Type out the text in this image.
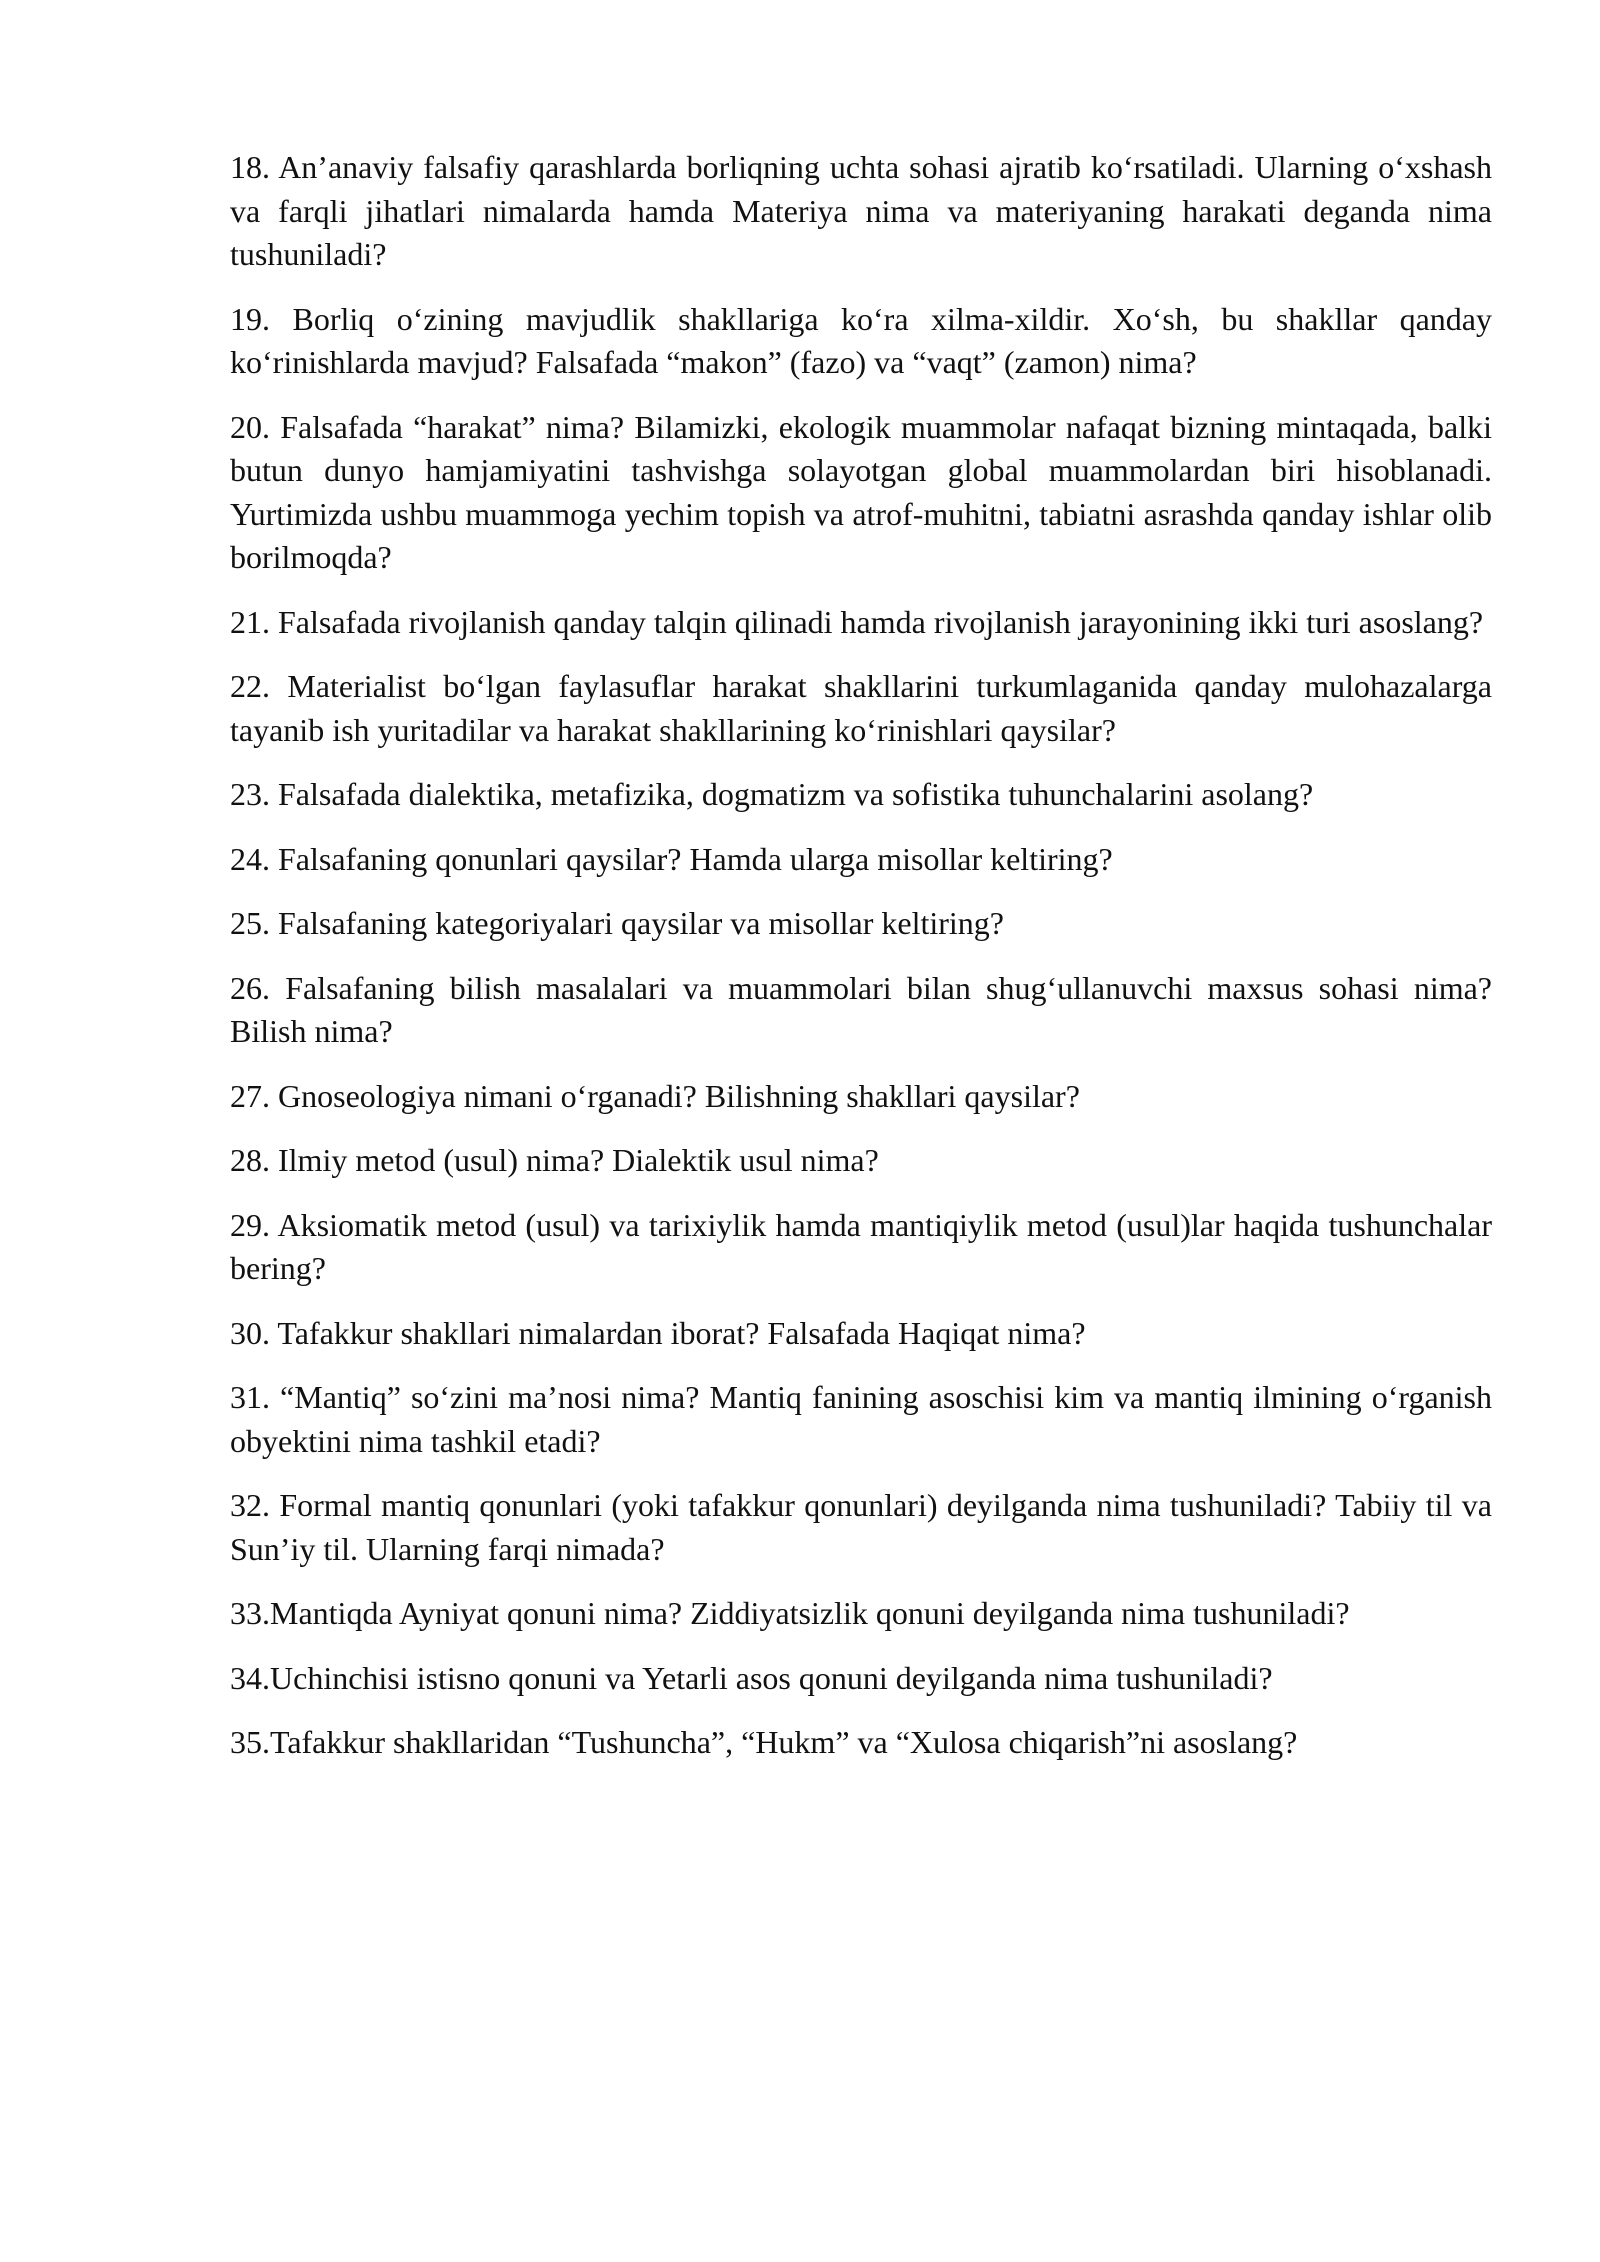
18. An’anaviy falsafiy qarashlarda borliqning uchta sohasi ajratib ko‘rsatiladi. Ularning o‘xshash va farqli jihatlari nimalarda hamda Materiya nima va materiyaning harakati deganda nima tushuniladi?

19. Borliq o‘zining mavjudlik shakllariga ko‘ra xilma-xildir. Xo‘sh, bu shakllar qanday ko‘rinishlarda mavjud? Falsafada “makon” (fazo) va “vaqt” (zamon) nima?

20. Falsafada “harakat” nima? Bilamizki, ekologik muammolar nafaqat bizning mintaqada, balki butun dunyo hamjamiyatini tashvishga solayotgan global muammolardan biri hisoblanadi. Yurtimizda ushbu muammoga yechim topish va atrof-muhitni, tabiatni asrashda qanday ishlar olib borilmoqda?

21. Falsafada rivojlanish qanday talqin qilinadi hamda rivojlanish jarayonining ikki turi asoslang?

22. Materialist bo‘lgan faylasuflar harakat shakllarini turkumlaganida qanday mulohazalarga tayanib ish yuritadilar va harakat shakllarining ko‘rinishlari qaysilar?

23. Falsafada dialektika, metafizika, dogmatizm va sofistika tuhunchalarini asolang?

24. Falsafaning qonunlari qaysilar? Hamda ularga misollar keltiring?

25. Falsafaning kategoriyalari qaysilar va misollar keltiring?

26. Falsafaning bilish masalalari va muammolari bilan shug‘ullanuvchi maxsus sohasi nima? Bilish nima?

27. Gnoseologiya nimani o‘rganadi? Bilishning shakllari qaysilar?

28. Ilmiy metod (usul) nima? Dialektik usul nima?

29. Aksiomatik metod (usul) va tarixiylik hamda mantiqiylik metod (usul)lar haqida tushunchalar bering?

30. Tafakkur shakllari nimalardan iborat? Falsafada Haqiqat nima?

31. “Mantiq” so‘zini ma’nosi nima? Mantiq fanining asoschisi kim va mantiq ilmining o‘rganish obyektini nima tashkil etadi?

32. Formal mantiq qonunlari (yoki tafakkur qonunlari) deyilganda nima tushuniladi? Tabiiy til va Sun’iy til. Ularning farqi nimada?

33.Mantiqda Ayniyat qonuni nima? Ziddiyatsizlik qonuni deyilganda nima tushuniladi?

34.Uchinchisi istisno qonuni va Yetarli asos qonuni deyilganda nima tushuniladi?

35.Tafakkur shakllaridan “Tushuncha”, “Hukm” va “Xulosa chiqarish”ni asoslang?
